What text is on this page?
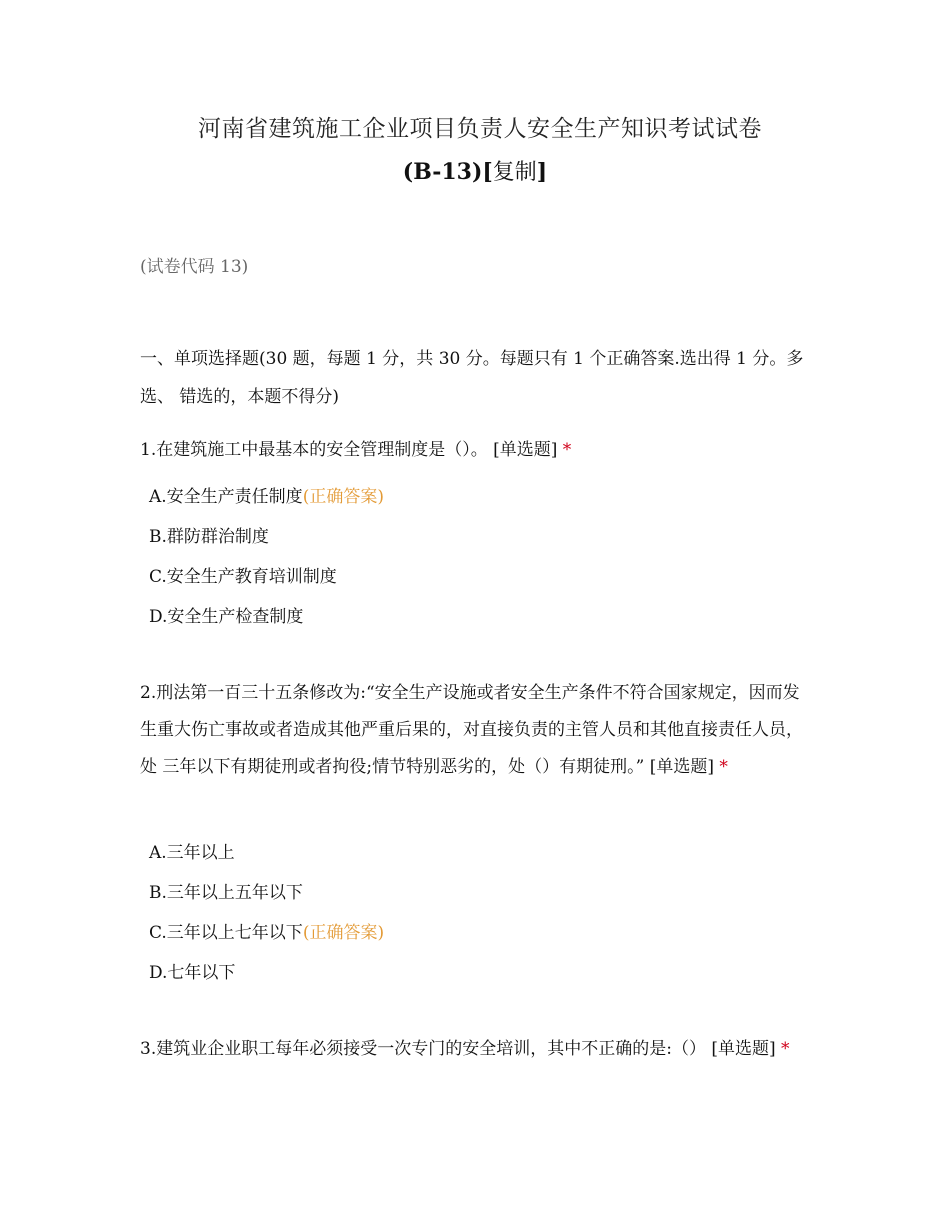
河南省建筑施工企业项目负责人安全生产知识考试试卷
(B-13)[复制]
(试卷代码 13)
一、单项选择题(30 题，每题 1 分，共 30 分。每题只有 1 个正确答案.选出得 1 分。多选、 错选的，本题不得分)
1.在建筑施工中最基本的安全管理制度是（）。 [单选题] *
A.安全生产责任制度(正确答案)
B.群防群治制度
C.安全生产教育培训制度
D.安全生产检查制度
2.刑法第一百三十五条修改为:“安全生产设施或者安全生产条件不符合国家规定，因而发 生重大伤亡事故或者造成其他严重后果的，对直接负责的主管人员和其他直接责任人员，处 三年以下有期徒刑或者拘役;情节特别恶劣的，处（）有期徒刑。” [单选题] *
A.三年以上
B.三年以上五年以下
C.三年以上七年以下(正确答案)
D.七年以下
3.建筑业企业职工每年必须接受一次专门的安全培训，其中不正确的是:（） [单选题] *
